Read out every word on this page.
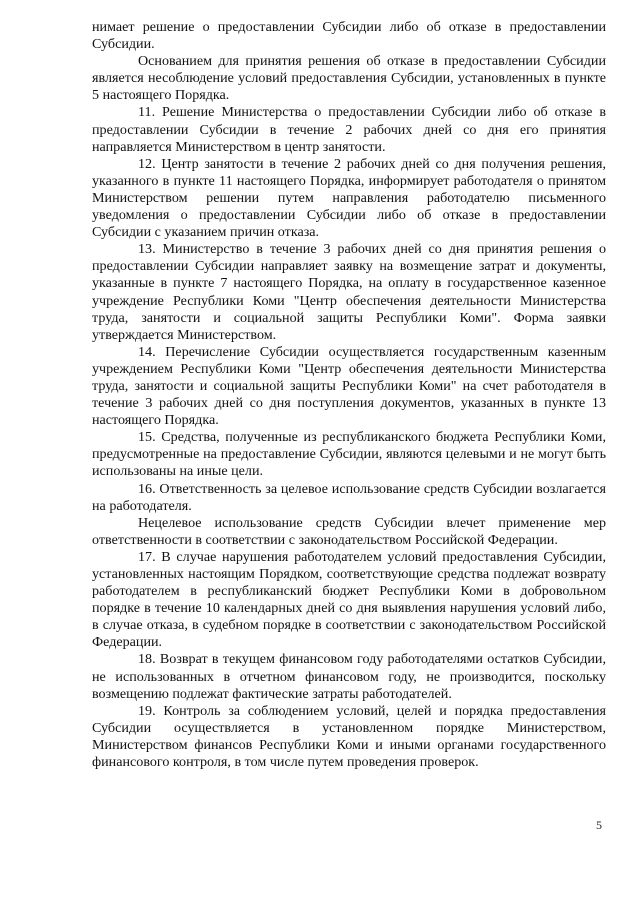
нимает решение о предоставлении Субсидии либо об отказе в предоставлении Субсидии.

Основанием для принятия решения об отказе в предоставлении Субсидии является несоблюдение условий предоставления Субсидии, установленных в пункте 5 настоящего Порядка.

11. Решение Министерства о предоставлении Субсидии либо об отказе в предоставлении Субсидии в течение 2 рабочих дней со дня его принятия направляется Министерством в центр занятости.

12. Центр занятости в течение 2 рабочих дней со дня получения решения, указанного в пункте 11 настоящего Порядка, информирует работодателя о принятом Министерством решении путем направления работодателю письменного уведомления о предоставлении Субсидии либо об отказе в предоставлении Субсидии с указанием причин отказа.

13. Министерство в течение 3 рабочих дней со дня принятия решения о предоставлении Субсидии направляет заявку на возмещение затрат и документы, указанные в пункте 7 настоящего Порядка, на оплату в государственное казенное учреждение Республики Коми "Центр обеспечения деятельности Министерства труда, занятости и социальной защиты Республики Коми". Форма заявки утверждается Министерством.

14. Перечисление Субсидии осуществляется государственным казенным учреждением Республики Коми "Центр обеспечения деятельности Министерства труда, занятости и социальной защиты Республики Коми" на счет работодателя в течение 3 рабочих дней со дня поступления документов, указанных в пункте 13 настоящего Порядка.

15. Средства, полученные из республиканского бюджета Республики Коми, предусмотренные на предоставление Субсидии, являются целевыми и не могут быть использованы на иные цели.

16. Ответственность за целевое использование средств Субсидии возлагается на работодателя.

Нецелевое использование средств Субсидии влечет применение мер ответственности в соответствии с законодательством Российской Федерации.

17. В случае нарушения работодателем условий предоставления Субсидии, установленных настоящим Порядком, соответствующие средства подлежат возврату работодателем в республиканский бюджет Республики Коми в добровольном порядке в течение 10 календарных дней со дня выявления нарушения условий либо, в случае отказа, в судебном порядке в соответствии с законодательством Российской Федерации.

18. Возврат в текущем финансовом году работодателями остатков Субсидии, не использованных в отчетном финансовом году, не производится, поскольку возмещению подлежат фактические затраты работодателей.

19. Контроль за соблюдением условий, целей и порядка предоставления Субсидии осуществляется в установленном порядке Министерством, Министерством финансов Республики Коми и иными органами государственного финансового контроля, в том числе путем проведения проверок.

5
